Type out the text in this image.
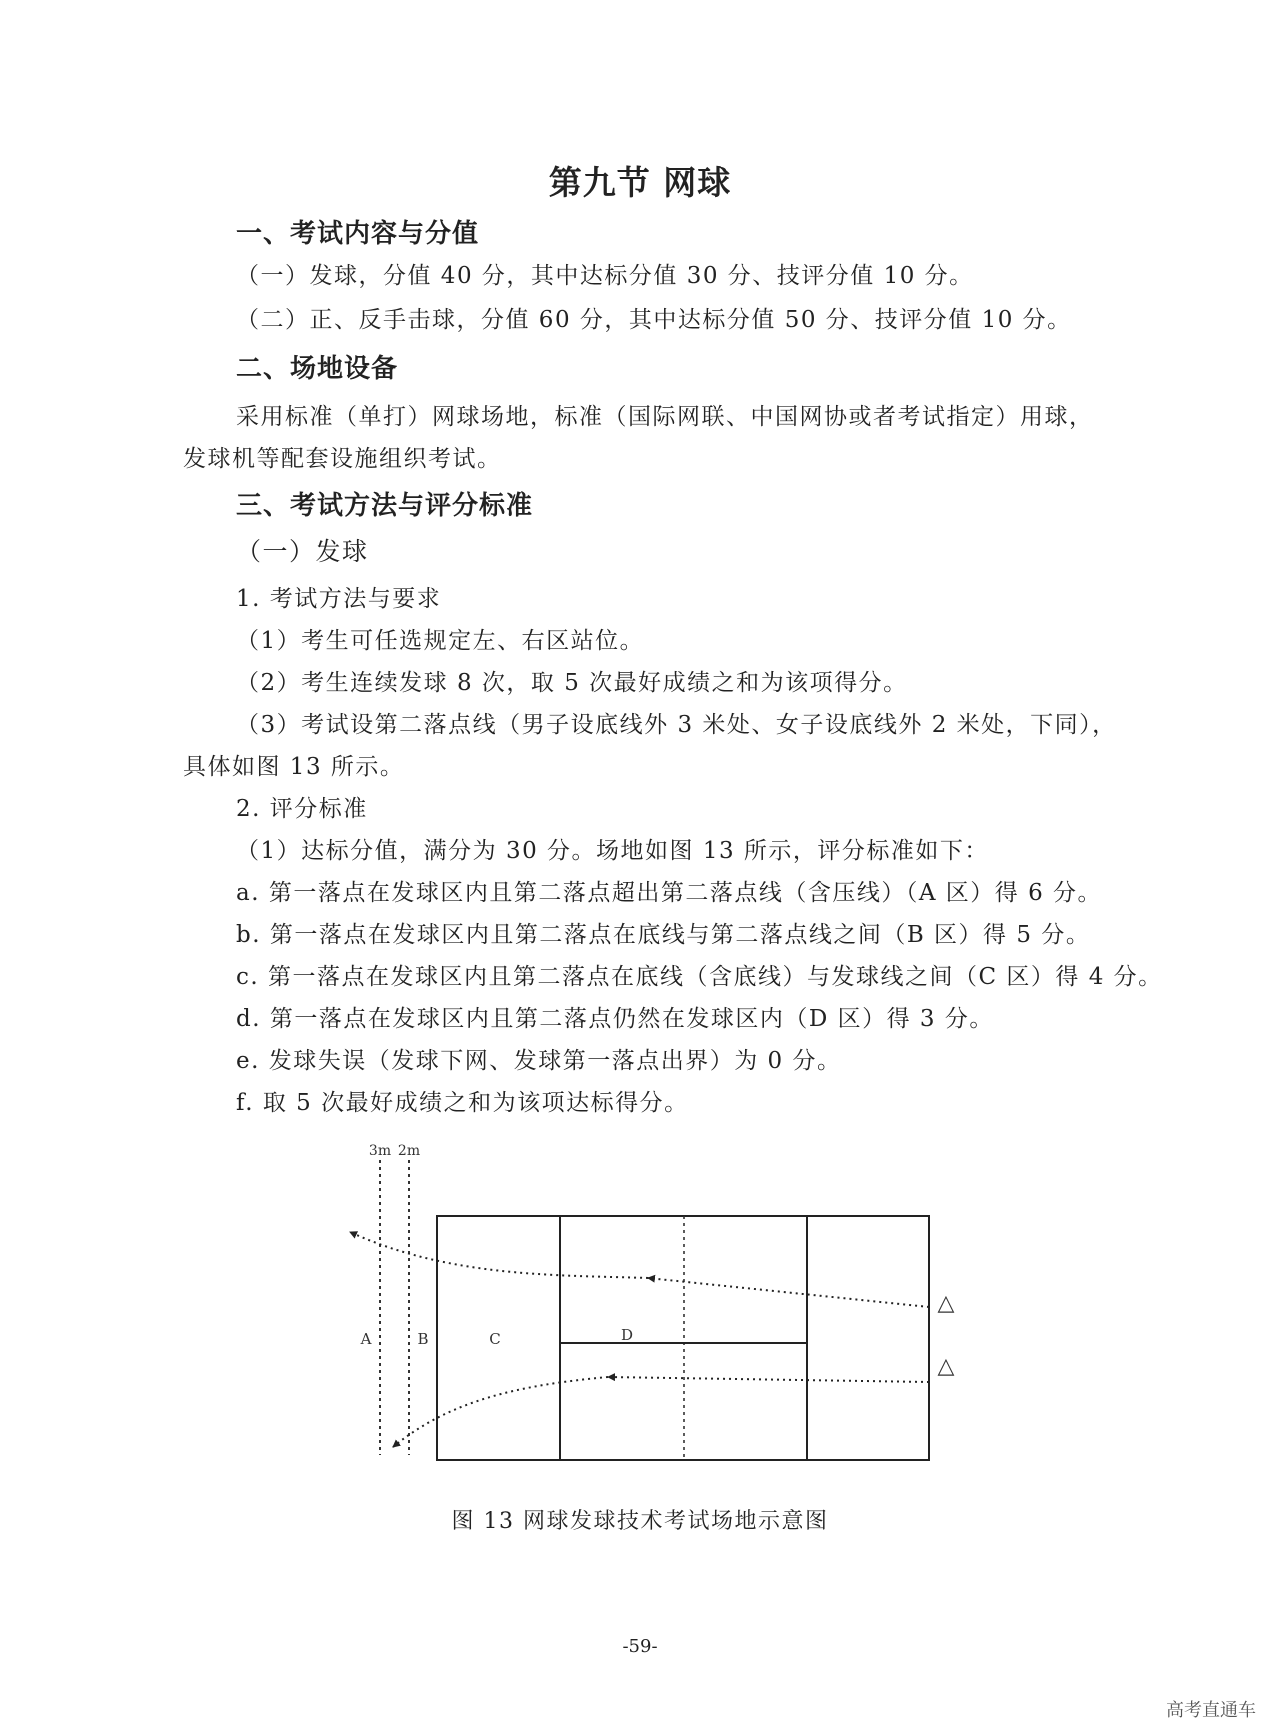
第九节 网球
一、考试内容与分值

（一）发球，分值 40 分，其中达标分值 30 分、技评分值 10 分。

（二）正、反手击球，分值 60 分，其中达标分值 50 分、技评分值 10 分。

二、场地设备

采用标准（单打）网球场地，标准（国际网联、中国网协或者考试指定）用球，

发球机等配套设施组织考试。

三、考试方法与评分标准

（一）发球

1. 考试方法与要求

（1）考生可任选规定左、右区站位。

（2）考生连续发球 8 次，取 5 次最好成绩之和为该项得分。

（3）考试设第二落点线（男子设底线外 3 米处、女子设底线外 2 米处，下同），

具体如图 13 所示。

2. 评分标准

（1）达标分值，满分为 30 分。场地如图 13 所示，评分标准如下：

a. 第一落点在发球区内且第二落点超出第二落点线（含压线）（A 区）得 6 分。

b. 第一落点在发球区内且第二落点在底线与第二落点线之间（B 区）得 5 分。

c. 第一落点在发球区内且第二落点在底线（含底线）与发球线之间（C 区）得 4 分。

d. 第一落点在发球区内且第二落点仍然在发球区内（D 区）得 3 分。

e. 发球失误（发球下网、发球第一落点出界）为 0 分。

f. 取 5 次最好成绩之和为该项达标得分。

3m 2m
A	B	C	D
△
△

图 13 网球发球技术考试场地示意图

-59-

高考直通车
